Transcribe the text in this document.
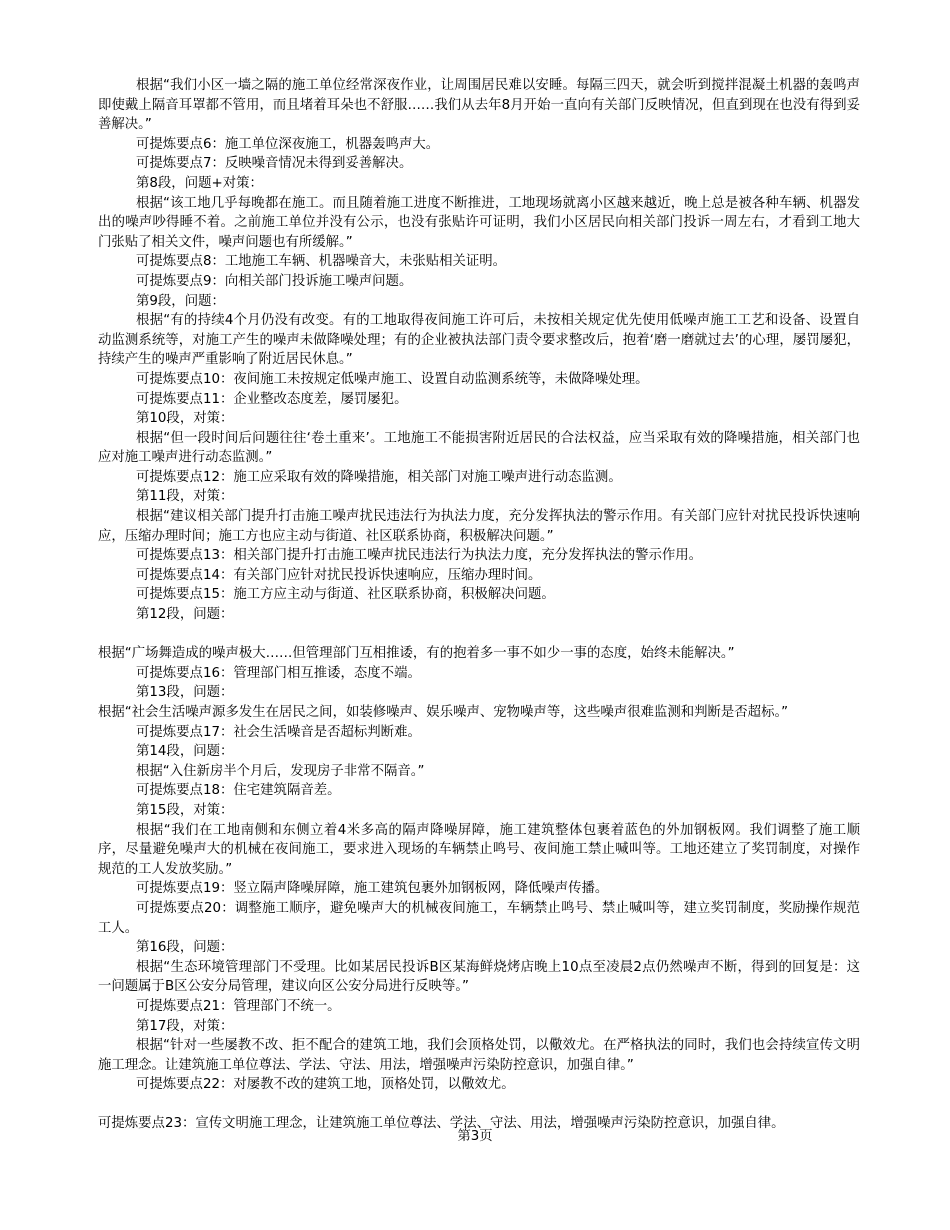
根据“我们小区一墙之隔的施工单位经常深夜作业，让周围居民难以安睡。每隔三四天，就会听到搅拌混凝土机器的轰鸣声即使戴上隔音耳罩都不管用，而且堵着耳朵也不舒服……我们从去年8月开始一直向有关部门反映情况，但直到现在也没有得到妥善解决。”

可提炼要点6：施工单位深夜施工，机器轰鸣声大。

可提炼要点7：反映噪音情况未得到妥善解决。

第8段，问题+对策：

根据“该工地几乎每晚都在施工。而且随着施工进度不断推进，工地现场就离小区越来越近，晚上总是被各种车辆、机器发出的噪声吵得睡不着。之前施工单位并没有公示，也没有张贴许可证明，我们小区居民向相关部门投诉一周左右，才看到工地大门张贴了相关文件，噪声问题也有所缓解。”

可提炼要点8：工地施工车辆、机器噪音大，未张贴相关证明。

可提炼要点9：向相关部门投诉施工噪声问题。

第9段，问题：

根据“有的持续4个月仍没有改变。有的工地取得夜间施工许可后，未按相关规定优先使用低噪声施工工艺和设备、设置自动监测系统等，对施工产生的噪声未做降噪处理；有的企业被执法部门责令要求整改后，抱着‘磨一磨就过去’的心理，屡罚屡犯，持续产生的噪声严重影响了附近居民休息。”

可提炼要点10：夜间施工未按规定低噪声施工、设置自动监测系统等，未做降噪处理。

可提炼要点11：企业整改态度差，屡罚屡犯。

第10段，对策：

根据“但一段时间后问题往往‘卷土重来’。工地施工不能损害附近居民的合法权益，应当采取有效的降噪措施，相关部门也应对施工噪声进行动态监测。”

可提炼要点12：施工应采取有效的降噪措施，相关部门对施工噪声进行动态监测。

第11段，对策：

根据“建议相关部门提升打击施工噪声扰民违法行为执法力度，充分发挥执法的警示作用。有关部门应针对扰民投诉快速响应，压缩办理时间；施工方也应主动与街道、社区联系协商，积极解决问题。”

可提炼要点13：相关部门提升打击施工噪声扰民违法行为执法力度，充分发挥执法的警示作用。

可提炼要点14：有关部门应针对扰民投诉快速响应，压缩办理时间。

可提炼要点15：施工方应主动与街道、社区联系协商，积极解决问题。

第12段，问题：

根据“广场舞造成的噪声极大……但管理部门互相推诿，有的抱着多一事不如少一事的态度，始终未能解决。”

可提炼要点16：管理部门相互推诿，态度不端。

第13段，问题：

根据“社会生活噪声源多发生在居民之间，如装修噪声、娱乐噪声、宠物噪声等，这些噪声很难监测和判断是否超标。”

可提炼要点17：社会生活噪音是否超标判断难。

第14段，问题：

根据“入住新房半个月后，发现房子非常不隔音。”

可提炼要点18：住宅建筑隔音差。

第15段，对策：

根据“我们在工地南侧和东侧立着4米多高的隔声降噪屏障，施工建筑整体包裹着蓝色的外加钢板网。我们调整了施工顺序，尽量避免噪声大的机械在夜间施工，要求进入现场的车辆禁止鸣号、夜间施工禁止喊叫等。工地还建立了奖罚制度，对操作规范的工人发放奖励。”

可提炼要点19：竖立隔声降噪屏障，施工建筑包裹外加钢板网，降低噪声传播。

可提炼要点20：调整施工顺序，避免噪声大的机械夜间施工，车辆禁止鸣号、禁止喊叫等，建立奖罚制度，奖励操作规范工人。

第16段，问题：

根据“生态环境管理部门不受理。比如某居民投诉B区某海鲜烧烤店晚上10点至凌晨2点仍然噪声不断，得到的回复是：这一问题属于B区公安分局管理，建议向区公安分局进行反映等。”

可提炼要点21：管理部门不统一。

第17段，对策：

根据“针对一些屡教不改、拒不配合的建筑工地，我们会顶格处罚，以儆效尤。在严格执法的同时，我们也会持续宣传文明施工理念。让建筑施工单位尊法、学法、守法、用法，增强噪声污染防控意识，加强自律。”

可提炼要点22：对屡教不改的建筑工地，顶格处罚，以儆效尤。

可提炼要点23：宣传文明施工理念，让建筑施工单位尊法、学法、守法、用法，增强噪声污染防控意识，加强自律。

第3页
